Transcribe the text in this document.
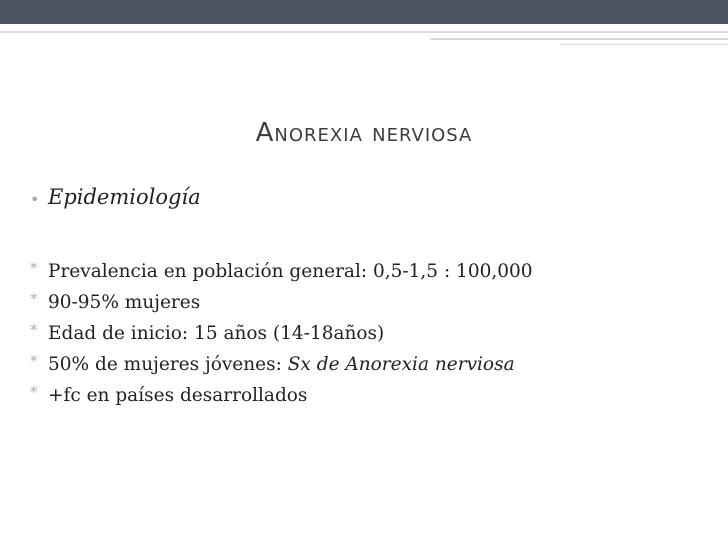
Anorexia nerviosa
• Epidemiología
* Prevalencia en población general: 0,5-1,5 : 100,000
* 90-95% mujeres
* Edad de inicio: 15 años (14-18años)
* 50% de mujeres jóvenes: Sx de Anorexia nerviosa
* +fc en países desarrollados
